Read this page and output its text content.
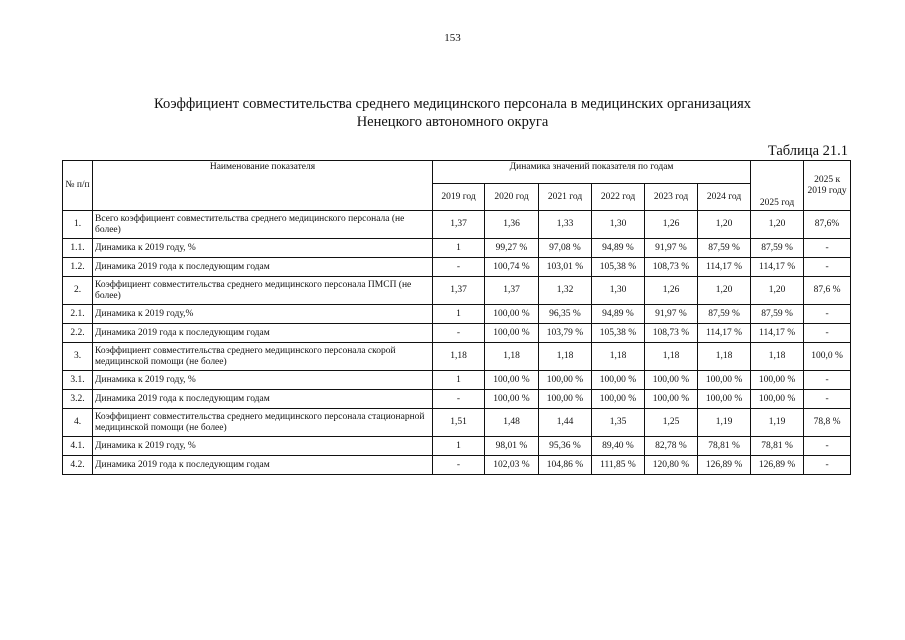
153
Коэффициент совместительства среднего медицинского персонала в медицинских организациях
Ненецкого автономного округа
Таблица 21.1
№ п/п	Наименование показателя	Динамика значений показателя по годам						2025 год	2025 к 2019 году
		2019 год	2020 год	2021 год	2022 год	2023 год	2024 год		
1.	Всего коэффициент совместительства среднего медицинского персонала (не более)	1,37	1,36	1,33	1,30	1,26	1,20	1,20	87,6%
1.1.	Динамика к 2019 году, %	1	99,27 %	97,08 %	94,89 %	91,97 %	87,59 %	87,59 %	-
1.2.	Динамика 2019 года к последующим годам	-	100,74 %	103,01 %	105,38 %	108,73 %	114,17 %	114,17 %	-
2.	Коэффициент совместительства среднего медицинского персонала ПМСП (не более)	1,37	1,37	1,32	1,30	1,26	1,20	1,20	87,6 %
2.1.	Динамика к 2019 году,%	1	100,00 %	96,35 %	94,89 %	91,97 %	87,59 %	87,59 %	-
2.2.	Динамика 2019 года к последующим годам	-	100,00 %	103,79 %	105,38 %	108,73 %	114,17 %	114,17 %	-
3.	Коэффициент совместительства среднего медицинского персонала скорой медицинской помощи (не более)	1,18	1,18	1,18	1,18	1,18	1,18	1,18	100,0 %
3.1.	Динамика к 2019 году, %	1	100,00 %	100,00 %	100,00 %	100,00 %	100,00 %	100,00 %	-
3.2.	Динамика 2019 года к последующим годам	-	100,00 %	100,00 %	100,00 %	100,00 %	100,00 %	100,00 %	-
4.	Коэффициент совместительства среднего медицинского персонала стационарной медицинской помощи (не более)	1,51	1,48	1,44	1,35	1,25	1,19	1,19	78,8 %
4.1.	Динамика к 2019 году, %	1	98,01 %	95,36 %	89,40 %	82,78 %	78,81 %	78,81 %	-
4.2.	Динамика 2019 года к последующим годам	-	102,03 %	104,86 %	111,85 %	120,80 %	126,89 %	126,89 %	-
